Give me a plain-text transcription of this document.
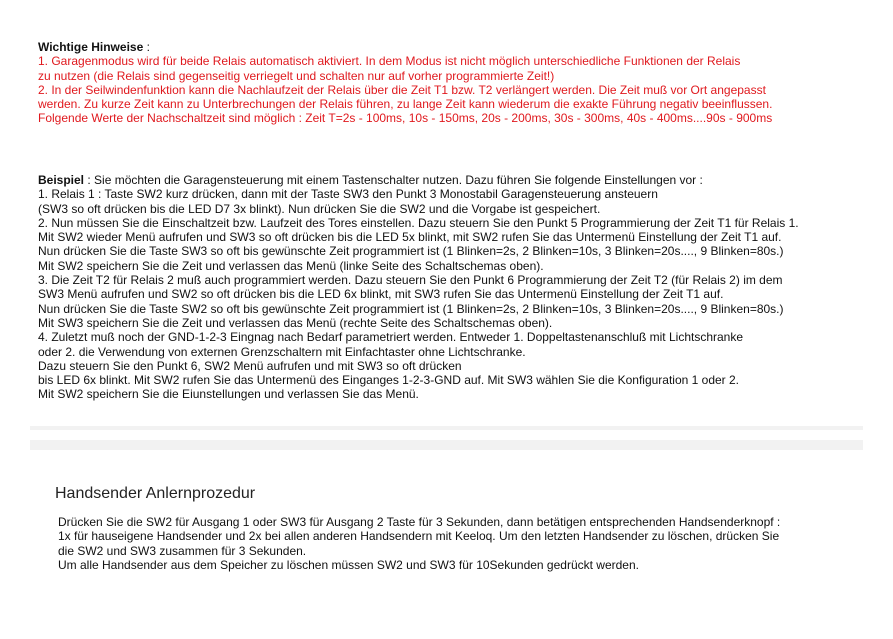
Wichtige Hinweise :
1. Garagenmodus wird für beide Relais automatisch aktiviert. In dem Modus ist nicht möglich unterschiedliche Funktionen der Relais
zu nutzen (die Relais sind gegenseitig verriegelt und schalten nur auf vorher programmierte Zeit!)
2. In der Seilwindenfunktion kann die Nachlaufzeit der Relais über die Zeit T1 bzw. T2 verlängert werden. Die Zeit muß vor Ort angepasst
werden. Zu kurze Zeit kann zu Unterbrechungen der Relais führen, zu lange Zeit kann wiederum die exakte Führung negativ beeinflussen.
Folgende Werte der Nachschaltzeit sind möglich : Zeit T=2s - 100ms, 10s - 150ms, 20s - 200ms, 30s - 300ms, 40s - 400ms....90s - 900ms
Beispiel : Sie möchten die Garagensteuerung mit einem Tastenschalter nutzen. Dazu führen Sie folgende Einstellungen vor :
1. Relais 1 : Taste SW2 kurz drücken, dann mit der Taste SW3 den Punkt 3 Monostabil Garagensteuerung ansteuern
(SW3 so oft drücken bis die LED D7 3x blinkt). Nun drücken Sie die SW2 und die Vorgabe ist gespeichert.
2. Nun müssen Sie die Einschaltzeit bzw. Laufzeit des Tores einstellen. Dazu steuern Sie den Punkt 5 Programmierung der Zeit T1 für Relais 1.
Mit SW2 wieder Menü aufrufen und SW3 so oft drücken bis die LED 5x blinkt, mit SW2 rufen Sie das Untermenü Einstellung der Zeit T1 auf.
Nun drücken Sie die Taste SW3 so oft bis gewünschte Zeit programmiert ist (1 Blinken=2s, 2 Blinken=10s, 3 Blinken=20s...., 9 Blinken=80s.)
Mit SW2 speichern Sie die Zeit und verlassen das Menü (linke Seite des Schaltschemas oben).
3. Die Zeit T2 für Relais 2 muß auch programmiert werden. Dazu steuern Sie den Punkt 6 Programmierung der Zeit T2 (für Relais 2) im dem
SW3 Menü aufrufen und SW2 so oft drücken bis die LED 6x blinkt, mit SW3 rufen Sie das Untermenü Einstellung der Zeit T1 auf.
Nun drücken Sie die Taste SW2 so oft bis gewünschte Zeit programmiert ist (1 Blinken=2s, 2 Blinken=10s, 3 Blinken=20s...., 9 Blinken=80s.)
Mit SW3 speichern Sie die Zeit und verlassen das Menü (rechte Seite des Schaltschemas oben).
4. Zuletzt muß noch der GND-1-2-3 Eingnag nach Bedarf parametriert werden. Entweder 1. Doppeltastenanschluß mit Lichtschranke
oder 2. die Verwendung von externen Grenzschaltern mit Einfachtaster ohne Lichtschranke.
Dazu steuern Sie den Punkt 6, SW2 Menü aufrufen und mit SW3 so oft drücken
bis LED 6x blinkt. Mit SW2 rufen Sie das Untermenü des Einganges 1-2-3-GND auf. Mit SW3 wählen Sie die Konfiguration 1 oder 2.
Mit SW2 speichern Sie die Eiunstellungen und verlassen Sie das Menü.
Handsender Anlernprozedur
Drücken Sie die SW2 für Ausgang 1 oder SW3 für Ausgang 2 Taste für 3 Sekunden, dann betätigen entsprechenden Handsenderknopf :
1x für hauseigene Handsender und 2x bei allen anderen Handsendern mit Keeloq. Um den letzten Handsender zu löschen, drücken Sie
die SW2 und SW3 zusammen für 3 Sekunden.
Um alle Handsender aus dem Speicher zu löschen müssen SW2 und SW3 für 10Sekunden gedrückt werden.
